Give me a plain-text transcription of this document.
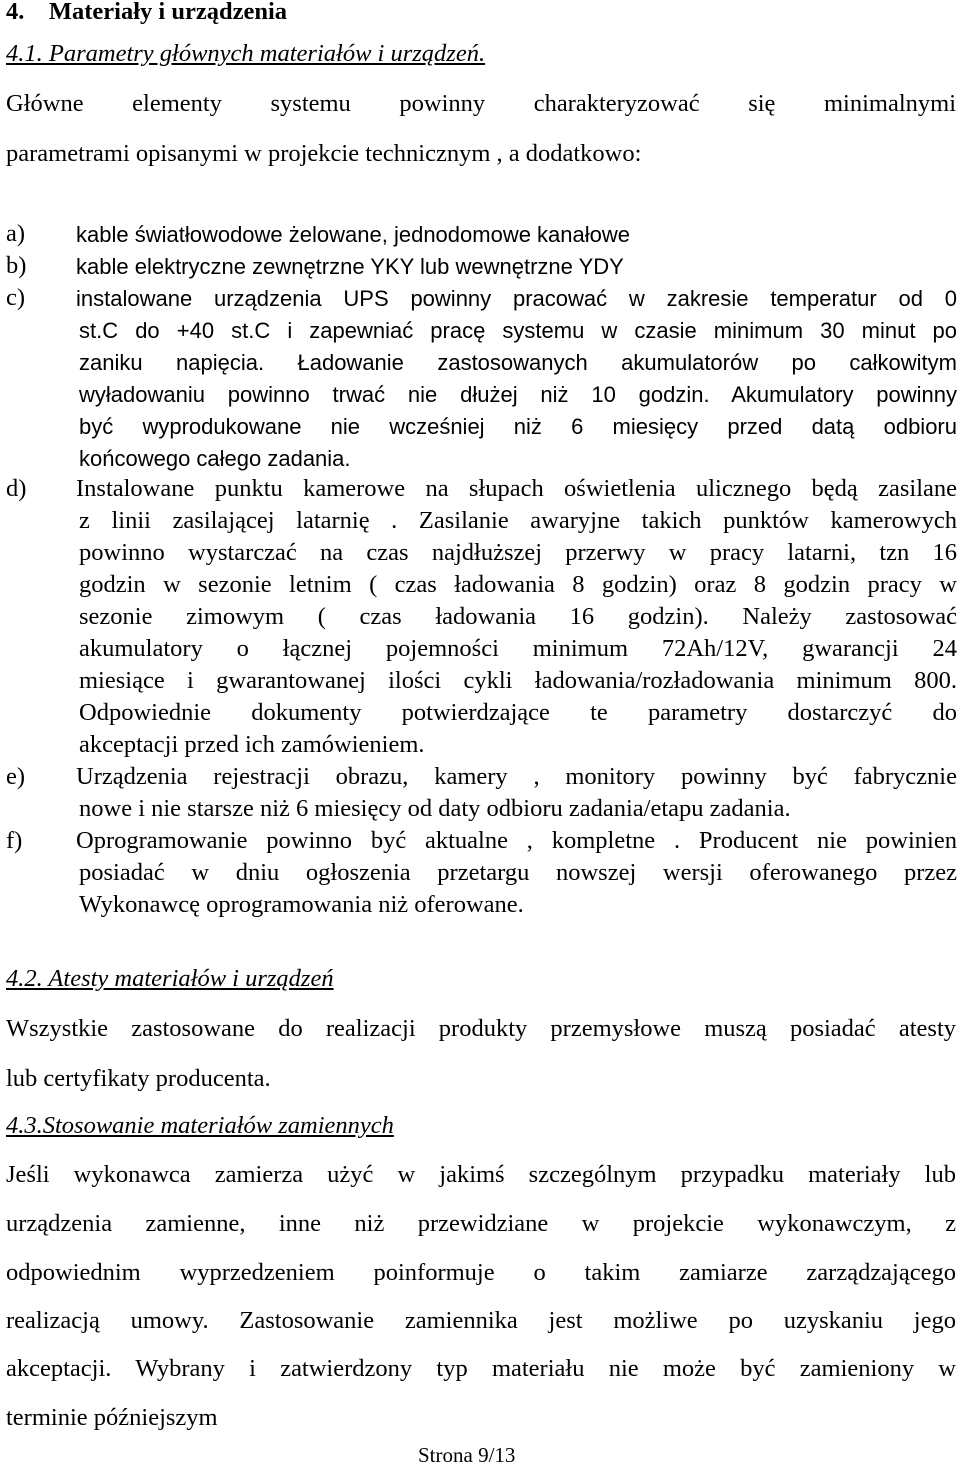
4.    Materiały i urządzenia
4.1. Parametry głównych materiałów i urządzeń.
Główne elementy systemu powinny charakteryzować się minimalnymi
parametrami opisanymi w projekcie technicznym , a dodatkowo:
a) kable światłowodowe żelowane, jednodomowe kanałowe
b) kable elektryczne zewnętrzne YKY lub wewnętrzne YDY
c) instalowane urządzenia UPS powinny pracować w zakresie temperatur od 0
st.C do +40 st.C i zapewniać pracę systemu w czasie minimum 30 minut po
zaniku napięcia. Ładowanie zastosowanych akumulatorów po całkowitym
wyładowaniu powinno trwać nie dłużej niż 10 godzin. Akumulatory powinny
być wyprodukowane nie wcześniej niż 6 miesięcy przed datą odbioru
końcowego całego zadania.
d) Instalowane punktu kamerowe na słupach oświetlenia ulicznego będą zasilane
z linii zasilającej latarnię . Zasilanie awaryjne takich punktów kamerowych
powinno wystarczać na czas najdłuższej przerwy w pracy latarni, tzn 16
godzin w sezonie letnim ( czas ładowania 8 godzin) oraz 8 godzin pracy w
sezonie zimowym ( czas ładowania 16 godzin). Należy zastosować
akumulatory o łącznej pojemności minimum 72Ah/12V, gwarancji 24
miesiące i gwarantowanej ilości cykli ładowania/rozładowania minimum 800.
Odpowiednie dokumenty potwierdzające te parametry dostarczyć do
akceptacji przed ich zamówieniem.
e) Urządzenia rejestracji obrazu, kamery , monitory powinny być fabrycznie
nowe i nie starsze niż 6 miesięcy od daty odbioru zadania/etapu zadania.
f) Oprogramowanie powinno być aktualne , kompletne . Producent nie powinien
posiadać w dniu ogłoszenia przetargu nowszej wersji oferowanego przez
Wykonawcę oprogramowania niż oferowane.
4.2. Atesty materiałów i urządzeń
Wszystkie zastosowane do realizacji produkty przemysłowe muszą posiadać atesty
lub certyfikaty producenta.
4.3.Stosowanie materiałów zamiennych
Jeśli wykonawca zamierza użyć w jakimś szczególnym przypadku materiały lub
urządzenia zamienne, inne niż przewidziane w projekcie wykonawczym, z
odpowiednim wyprzedzeniem poinformuje o takim zamiarze zarządzającego
realizacją umowy. Zastosowanie zamiennika jest możliwe po uzyskaniu jego
akceptacji. Wybrany i zatwierdzony typ materiału nie może być zamieniony w
terminie późniejszym
Strona 9/13
